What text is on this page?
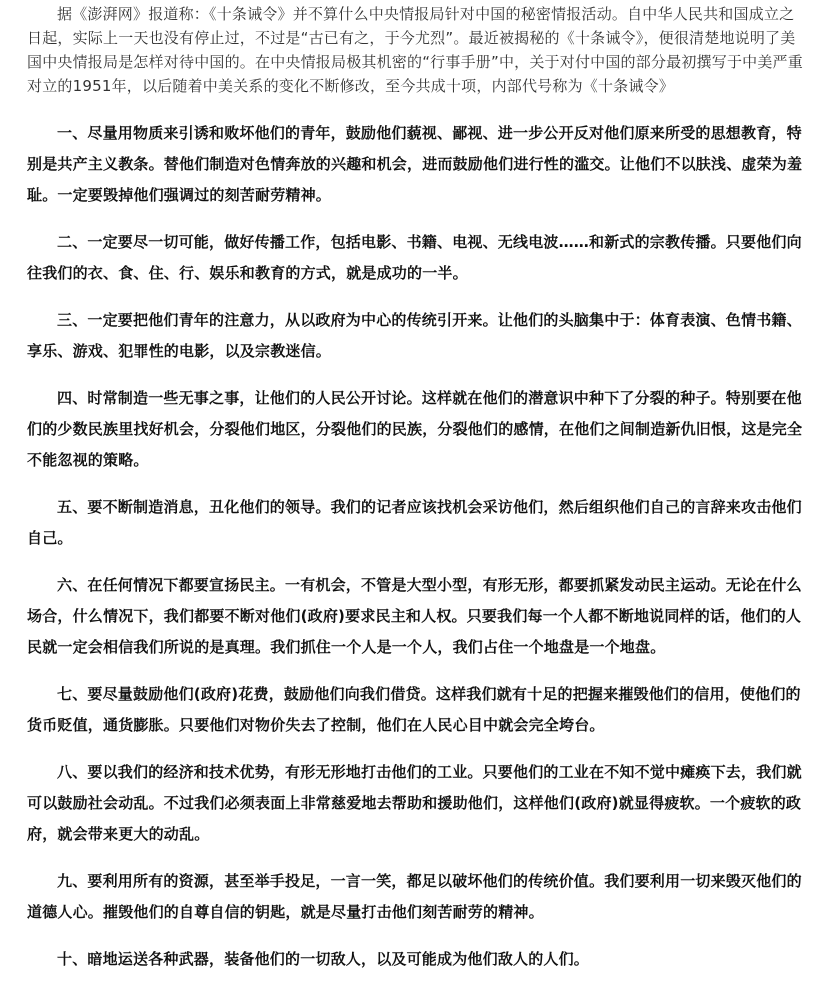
据《澎湃网》报道称：《十条诫令》并不算什么中央情报局针对中国的秘密情报活动。自中华人民共和国成立之日起，实际上一天也没有停止过，不过是“古已有之，于今尤烈”。最近被揭秘的《十条诫令》，便很清楚地说明了美国中央情报局是怎样对待中国的。在中央情报局极其机密的“行事手册”中，关于对付中国的部分最初撰写于中美严重对立的1951年，以后随着中美关系的变化不断修改，至今共成十项，内部代号称为《十条诫令》

一、尽量用物质来引诱和败坏他们的青年，鼓励他们藐视、鄙视、进一步公开反对他们原来所受的思想教育，特别是共产主义教条。替他们制造对色情奔放的兴趣和机会，进而鼓励他们进行性的滥交。让他们不以肤浅、虚荣为羞耻。一定要毁掉他们强调过的刻苦耐劳精神。

二、一定要尽一切可能，做好传播工作，包括电影、书籍、电视、无线电波……和新式的宗教传播。只要他们向往我们的衣、食、住、行、娱乐和教育的方式，就是成功的一半。

三、一定要把他们青年的注意力，从以政府为中心的传统引开来。让他们的头脑集中于：体育表演、色情书籍、享乐、游戏、犯罪性的电影，以及宗教迷信。

四、时常制造一些无事之事，让他们的人民公开讨论。这样就在他们的潜意识中种下了分裂的种子。特别要在他们的少数民族里找好机会，分裂他们地区，分裂他们的民族，分裂他们的感情，在他们之间制造新仇旧恨，这是完全不能忽视的策略。

五、要不断制造消息，丑化他们的领导。我们的记者应该找机会采访他们，然后组织他们自己的言辞来攻击他们自己。

六、在任何情况下都要宣扬民主。一有机会，不管是大型小型，有形无形，都要抓紧发动民主运动。无论在什么场合，什么情况下，我们都要不断对他们(政府)要求民主和人权。只要我们每一个人都不断地说同样的话，他们的人民就一定会相信我们所说的是真理。我们抓住一个人是一个人，我们占住一个地盘是一个地盘。

七、要尽量鼓励他们(政府)花费，鼓励他们向我们借贷。这样我们就有十足的把握来摧毁他们的信用，使他们的货币贬值，通货膨胀。只要他们对物价失去了控制，他们在人民心目中就会完全垮台。

八、要以我们的经济和技术优势，有形无形地打击他们的工业。只要他们的工业在不知不觉中瘫痪下去，我们就可以鼓励社会动乱。不过我们必须表面上非常慈爱地去帮助和援助他们，这样他们(政府)就显得疲软。一个疲软的政府，就会带来更大的动乱。

九、要利用所有的资源，甚至举手投足，一言一笑，都足以破坏他们的传统价值。我们要利用一切来毁灭他们的道德人心。摧毁他们的自尊自信的钥匙，就是尽量打击他们刻苦耐劳的精神。

十、暗地运送各种武器，装备他们的一切敌人，以及可能成为他们敌人的人们。
